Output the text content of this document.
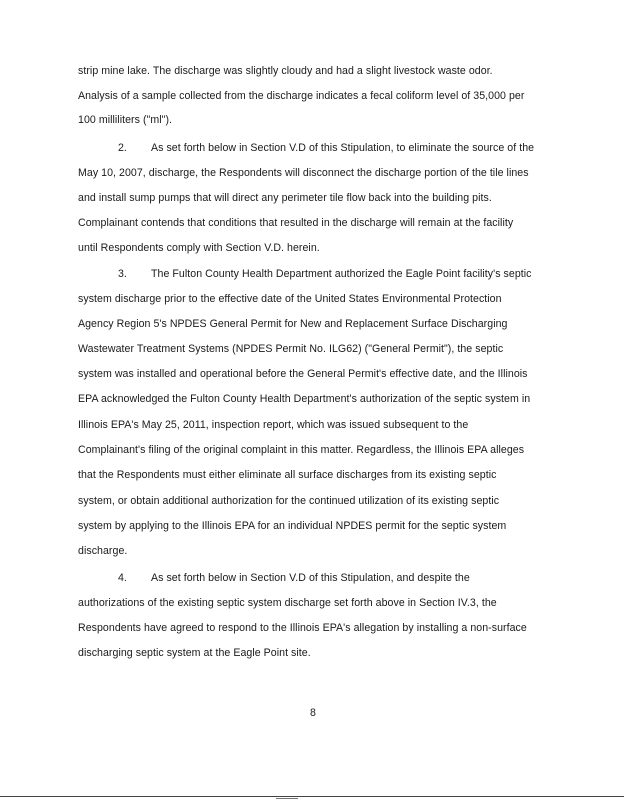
strip mine lake. The discharge was slightly cloudy and had a slight livestock waste odor.
Analysis of a sample collected from the discharge indicates a fecal coliform level of 35,000 per
100 milliliters ("ml").
2. As set forth below in Section V.D of this Stipulation, to eliminate the source of the
May 10, 2007, discharge, the Respondents will disconnect the discharge portion of the tile lines
and install sump pumps that will direct any perimeter tile flow back into the building pits.
Complainant contends that conditions that resulted in the discharge will remain at the facility
until Respondents comply with Section V.D. herein.
3. The Fulton County Health Department authorized the Eagle Point facility's septic
system discharge prior to the effective date of the United States Environmental Protection
Agency Region 5's NPDES General Permit for New and Replacement Surface Discharging
Wastewater Treatment Systems (NPDES Permit No. ILG62) ("General Permit"), the septic
system was installed and operational before the General Permit's effective date, and the Illinois
EPA acknowledged the Fulton County Health Department's authorization of the septic system in
Illinois EPA's May 25, 2011, inspection report, which was issued subsequent to the
Complainant's filing of the original complaint in this matter. Regardless, the Illinois EPA alleges
that the Respondents must either eliminate all surface discharges from its existing septic
system, or obtain additional authorization for the continued utilization of its existing septic
system by applying to the Illinois EPA for an individual NPDES permit for the septic system
discharge.
4. As set forth below in Section V.D of this Stipulation, and despite the
authorizations of the existing septic system discharge set forth above in Section IV.3, the
Respondents have agreed to respond to the Illinois EPA's allegation by installing a non-surface
discharging septic system at the Eagle Point site.
8
